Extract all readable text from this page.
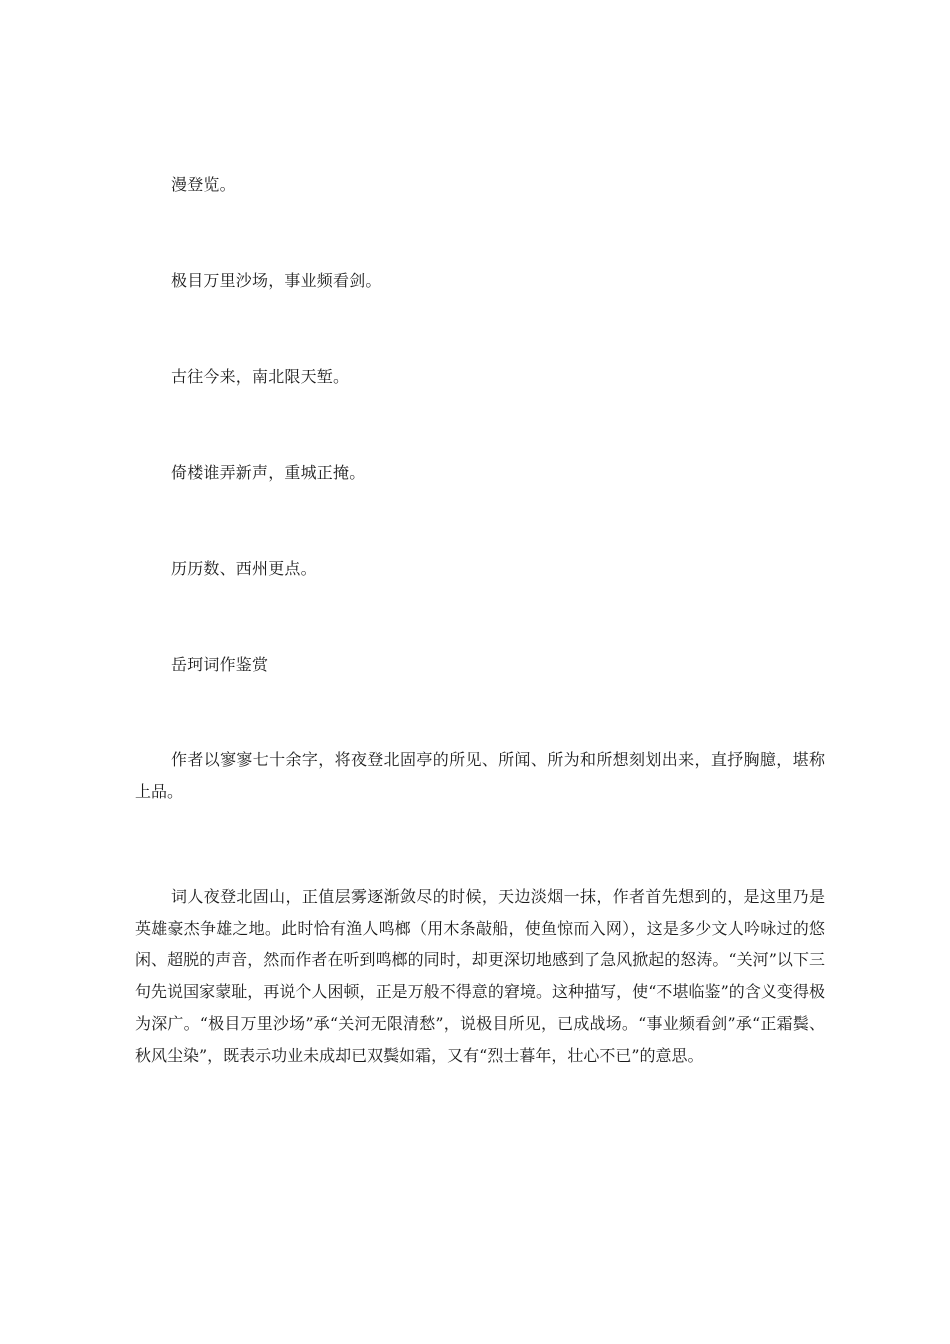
漫登览。
极目万里沙场，事业频看剑。
古往今来，南北限天堑。
倚楼谁弄新声，重城正掩。
历历数、西州更点。
岳珂词作鉴赏

作者以寥寥七十余字，将夜登北固亭的所见、所闻、所为和所想刻划出来，直抒胸臆，堪称上品。

词人夜登北固山，正值层雾逐渐敛尽的时候，天边淡烟一抹，作者首先想到的，是这里乃是英雄豪杰争雄之地。此时恰有渔人鸣榔（用木条敲船，使鱼惊而入网），这是多少文人吟咏过的悠闲、超脱的声音，然而作者在听到鸣榔的同时，却更深切地感到了急风掀起的怒涛。“关河”以下三句先说国家蒙耻，再说个人困顿，正是万般不得意的窘境。这种描写，使“不堪临鉴”的含义变得极为深广。“极目万里沙场”承“关河无限清愁”，说极目所见，已成战场。“事业频看剑”承“正霜鬓、秋风尘染”，既表示功业未成却已双鬓如霜，又有“烈士暮年，壮心不已”的意思。
